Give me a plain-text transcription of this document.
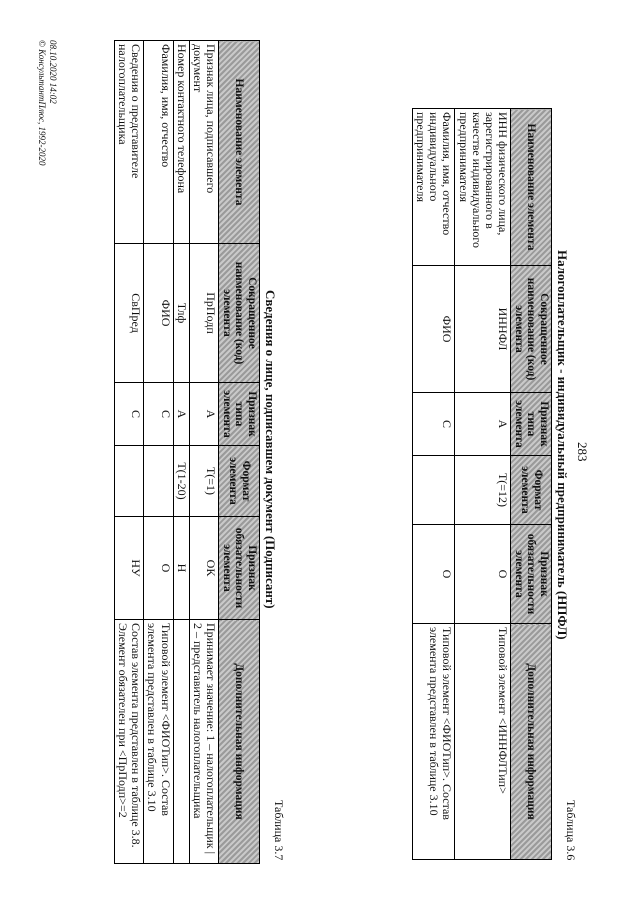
283
Таблица 3.6
Налогоплательщик - индивидуальный предприниматель (НПФЛ)
Наименование элемента	Сокращенное наименование (код) элемента	Признак типа элемента	Формат элемента	Признак обязательности элемента	Дополнительная информация
ИНН физического лица, зарегистрированного в качестве индивидуального предпринимателя	ИННФЛ	А	Т(=12)	О	Типовой элемент <ИННФЛТип>
Фамилия, имя, отчество индивидуального предпринимателя	ФИО	С		О	Типовой элемент <ФИОТип>. Состав элемента представлен в таблице 3.10
Таблица 3.7
Сведения о лице, подписавшем документ (Подписант)
Наименование элемента	Сокращенное наименование (код) элемента	Признак типа элемента	Формат элемента	Признак обязательности элемента	Дополнительная информация
Признак лица, подписавшего документ	ПрПодп	А	Т(=1)	ОК	Принимает значение: 1 – налогоплательщик | 2 – представитель налогоплательщика
Номер контактного телефона	Тлф	А	Т(1-20)	Н	
Фамилия, имя, отчество	ФИО	С		О	Типовой элемент <ФИОТип>. Состав элемента представлен в таблице 3.10
Сведения о представителе налогоплательщика	СвПред	С		НУ	Состав элемента представлен в таблице 3.8. Элемент обязателен при <ПрПодп>=2
08.10.2020 14:02
© КонсультантПлюс, 1992-2020
